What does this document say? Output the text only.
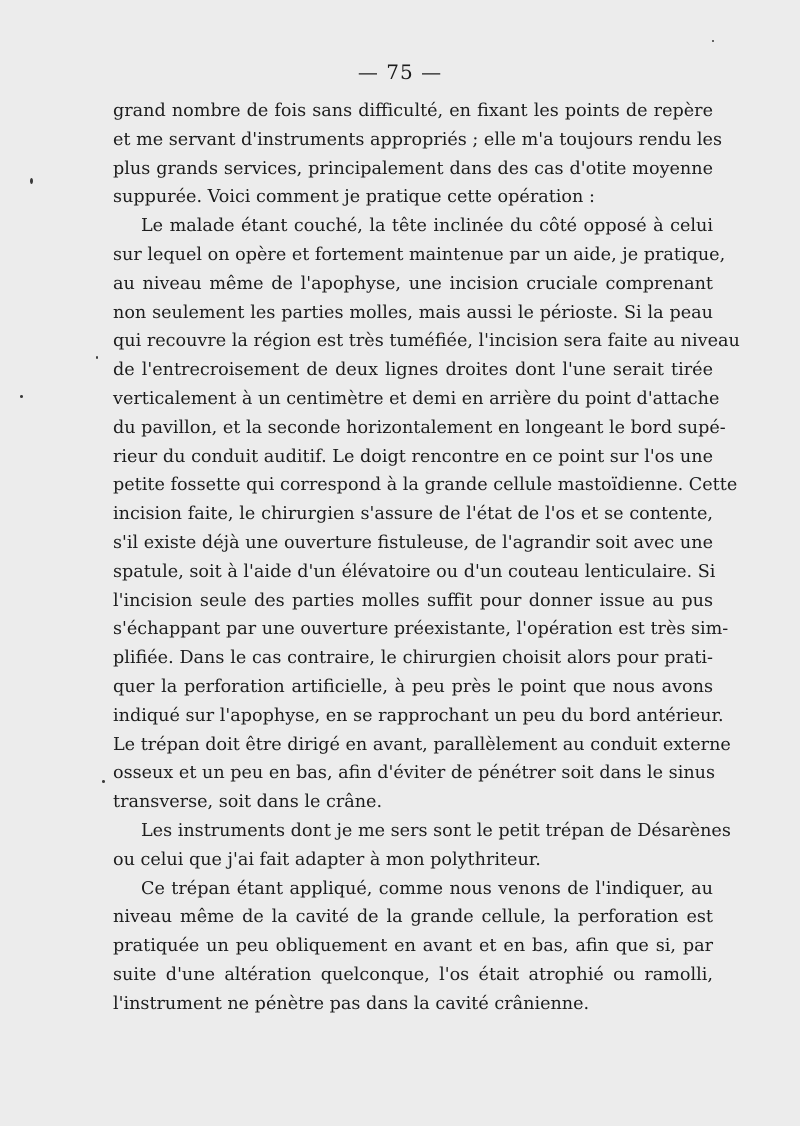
— 75 —
grand nombre de fois sans difficulté, en fixant les points de repère
et me servant d'instruments appropriés ; elle m'a toujours rendu les
plus grands services, principalement dans des cas d'otite moyenne
suppurée. Voici comment je pratique cette opération :
Le malade étant couché, la tête inclinée du côté opposé à celui
sur lequel on opère et fortement maintenue par un aide, je pratique,
au niveau même de l'apophyse, une incision cruciale comprenant
non seulement les parties molles, mais aussi le périoste. Si la peau
qui recouvre la région est très tuméfiée, l'incision sera faite au niveau
de l'entrecroisement de deux lignes droites dont l'une serait tirée
verticalement à un centimètre et demi en arrière du point d'attache
du pavillon, et la seconde horizontalement en longeant le bord supé-
rieur du conduit auditif. Le doigt rencontre en ce point sur l'os une
petite fossette qui correspond à la grande cellule mastoïdienne. Cette
incision faite, le chirurgien s'assure de l'état de l'os et se contente,
s'il existe déjà une ouverture fistuleuse, de l'agrandir soit avec une
spatule, soit à l'aide d'un élévatoire ou d'un couteau lenticulaire. Si
l'incision seule des parties molles suffit pour donner issue au pus
s'échappant par une ouverture préexistante, l'opération est très sim-
plifiée. Dans le cas contraire, le chirurgien choisit alors pour prati-
quer la perforation artificielle, à peu près le point que nous avons
indiqué sur l'apophyse, en se rapprochant un peu du bord antérieur.
Le trépan doit être dirigé en avant, parallèlement au conduit externe
osseux et un peu en bas, afin d'éviter de pénétrer soit dans le sinus
transverse, soit dans le crâne.
Les instruments dont je me sers sont le petit trépan de Désarènes
ou celui que j'ai fait adapter à mon polythriteur.
Ce trépan étant appliqué, comme nous venons de l'indiquer, au
niveau même de la cavité de la grande cellule, la perforation est
pratiquée un peu obliquement en avant et en bas, afin que si, par
suite d'une altération quelconque, l'os était atrophié ou ramolli,
l'instrument ne pénètre pas dans la cavité crânienne.
